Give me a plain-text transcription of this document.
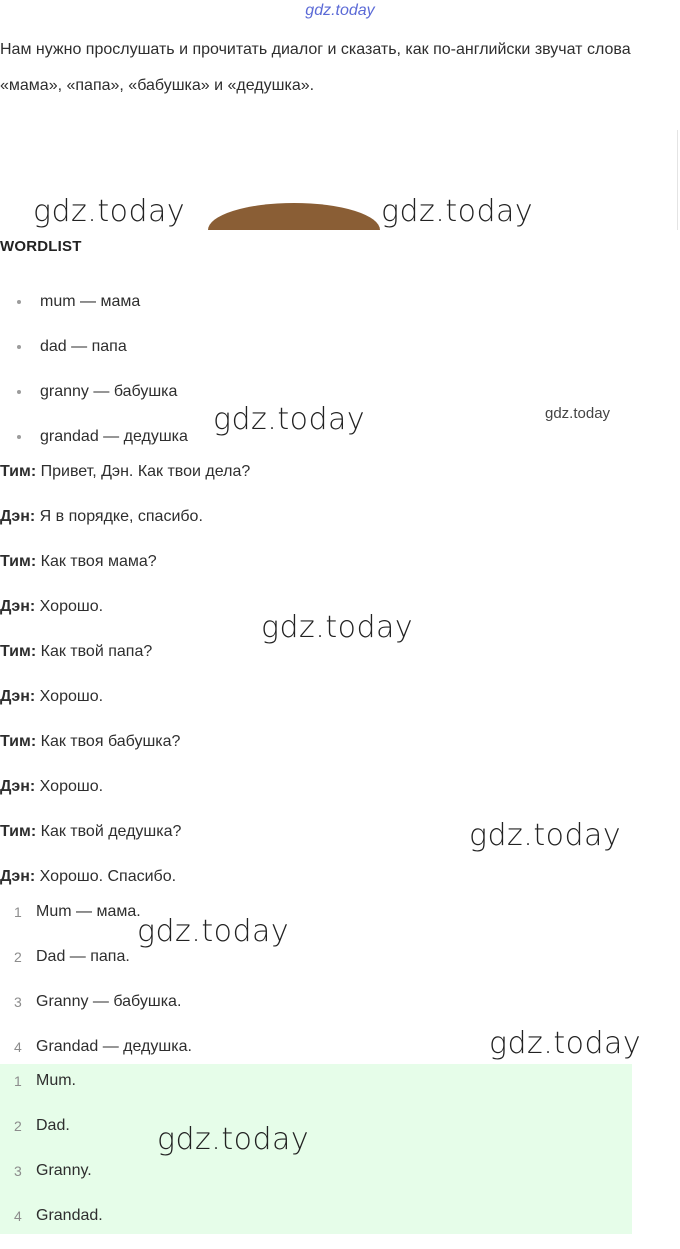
gdz.today
Нам нужно прослушать и прочитать диалог и сказать, как по-английски звучат слова «мама», «папа», «бабушка» и «дедушка».
gdz.today	gdz.today
gdz.today	gdz.today
gdz.today
gdz.today
gdz.today
gdz.today
WORDLIST
mum — мама
dad — папа
granny — бабушка
grandad — дедушка
Тим: Привет, Дэн. Как твои дела?
Дэн: Я в порядке, спасибо.
Тим: Как твоя мама?
Дэн: Хорошо.
Тим: Как твой папа?
Дэн: Хорошо.
Тим: Как твоя бабушка?
Дэн: Хорошо.
Тим: Как твой дедушка?
Дэн: Хорошо. Спасибо.
1 Mum — мама.
2 Dad — папа.
3 Granny — бабушка.
4 Grandad — дедушка.
1 Mum.
2 Dad.
3 Granny.
4 Grandad.
gdz.today
